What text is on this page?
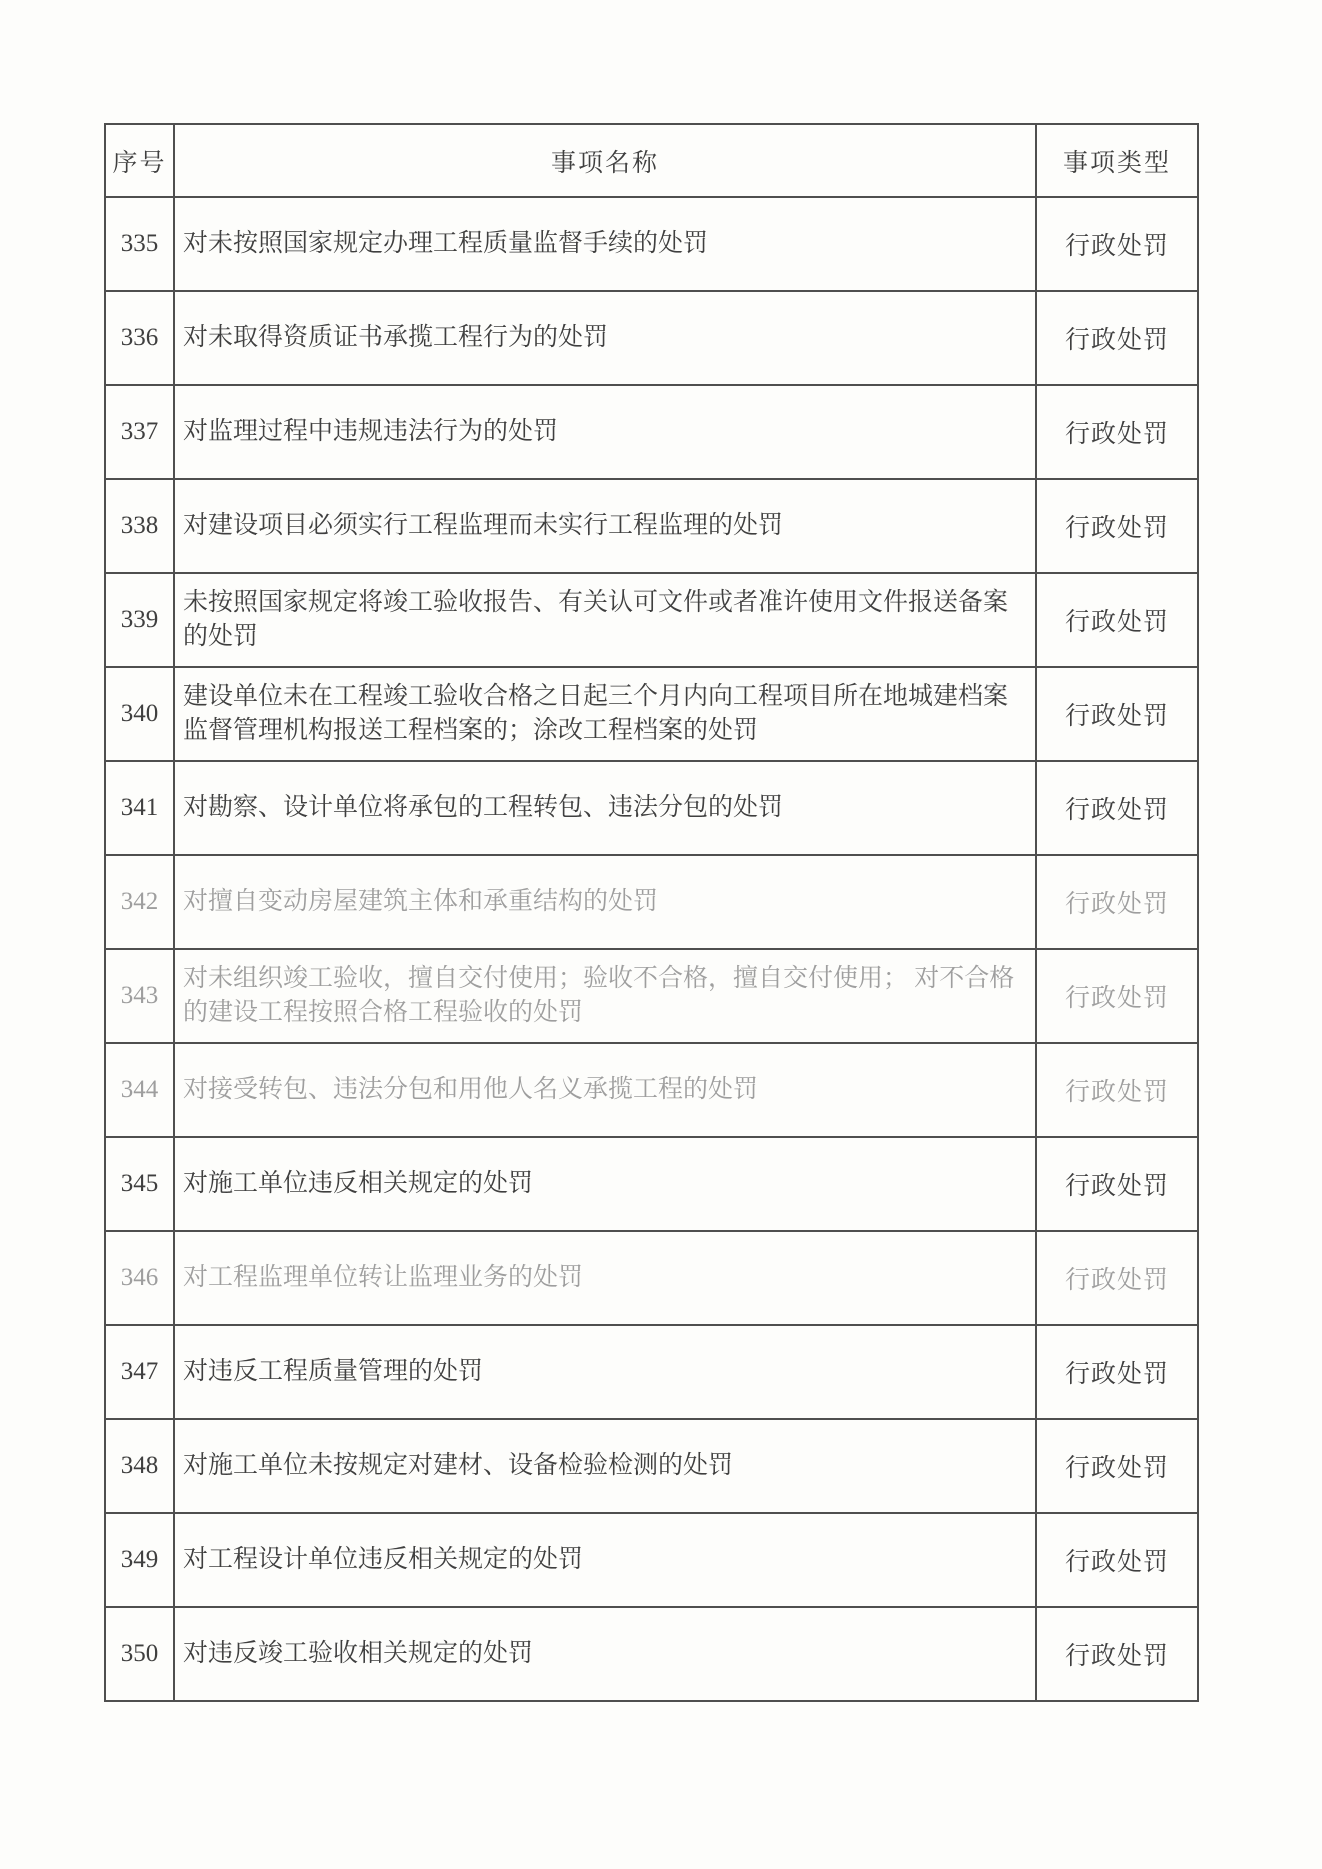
序号	事项名称	事项类型
335	对未按照国家规定办理工程质量监督手续的处罚	行政处罚
336	对未取得资质证书承揽工程行为的处罚	行政处罚
337	对监理过程中违规违法行为的处罚	行政处罚
338	对建设项目必须实行工程监理而未实行工程监理的处罚	行政处罚
339	未按照国家规定将竣工验收报告、有关认可文件或者准许使用文件报送备案的处罚	行政处罚
340	建设单位未在工程竣工验收合格之日起三个月内向工程项目所在地城建档案监督管理机构报送工程档案的；涂改工程档案的处罚	行政处罚
341	对勘察、设计单位将承包的工程转包、违法分包的处罚	行政处罚
342	对擅自变动房屋建筑主体和承重结构的处罚	行政处罚
343	对未组织竣工验收，擅自交付使用；验收不合格，擅自交付使用； 对不合格的建设工程按照合格工程验收的处罚	行政处罚
344	对接受转包、违法分包和用他人名义承揽工程的处罚	行政处罚
345	对施工单位违反相关规定的处罚	行政处罚
346	对工程监理单位转让监理业务的处罚	行政处罚
347	对违反工程质量管理的处罚	行政处罚
348	对施工单位未按规定对建材、设备检验检测的处罚	行政处罚
349	对工程设计单位违反相关规定的处罚	行政处罚
350	对违反竣工验收相关规定的处罚	行政处罚
